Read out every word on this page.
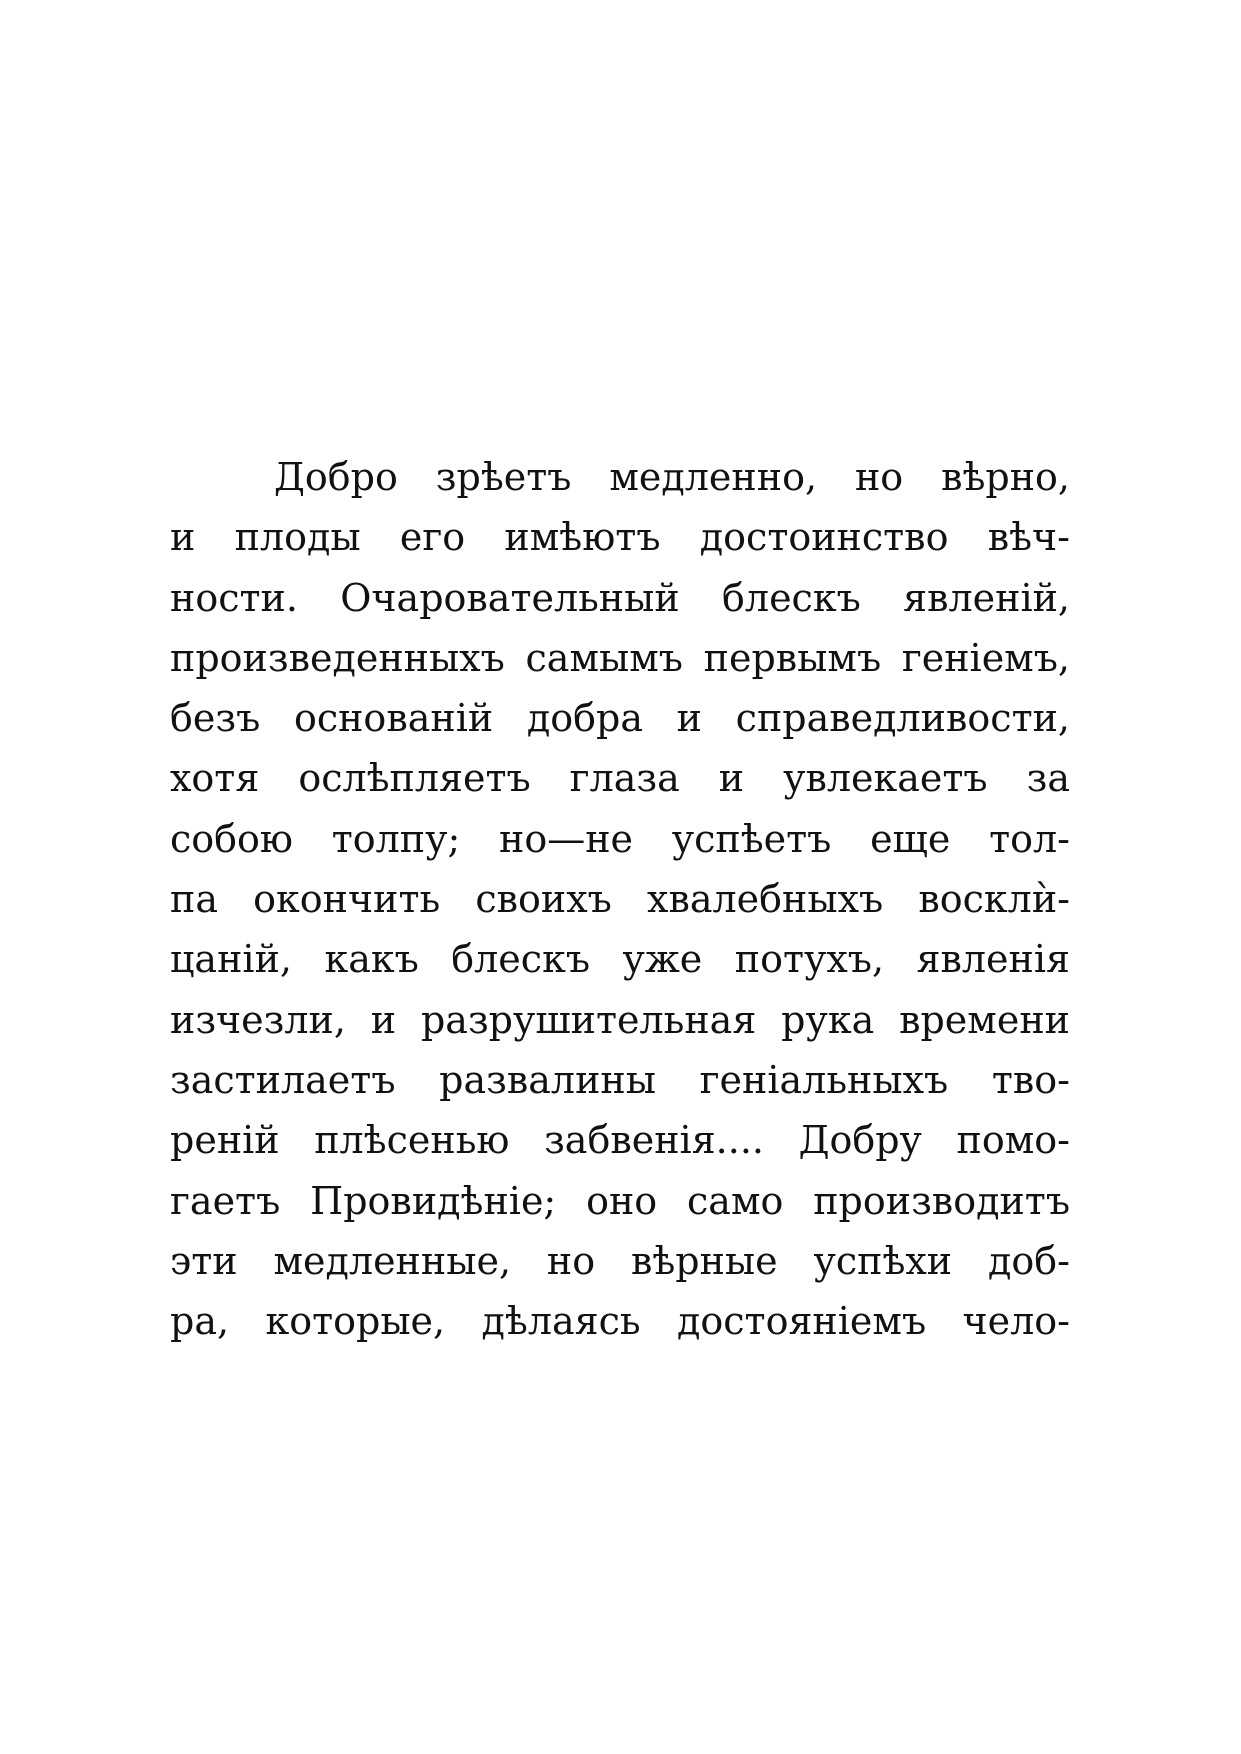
Добро зрѣетъ медленно, но вѣрно,
и плоды его имѣютъ достоинство вѣч-
ности. Очаровательный блескъ явленій,
произведенныхъ самымъ первымъ геніемъ,
безъ основаній добра и справедливости,
хотя ослѣпляетъ глаза и увлекаетъ за
собою толпу; но—не успѣетъ еще тол-
па окончить своихъ хвалебныхъ восклѝ-
цаній, какъ блескъ уже потухъ, явленія
изчезли, и разрушительная рука времени
застилаетъ развалины геніальныхъ тво-
реній плѣсенью забвенія.... Добру помо-
гаетъ Провидѣніе; оно само производитъ
эти медленные, но вѣрные успѣхи доб-
ра, которые, дѣлаясь достояніемъ чело-
